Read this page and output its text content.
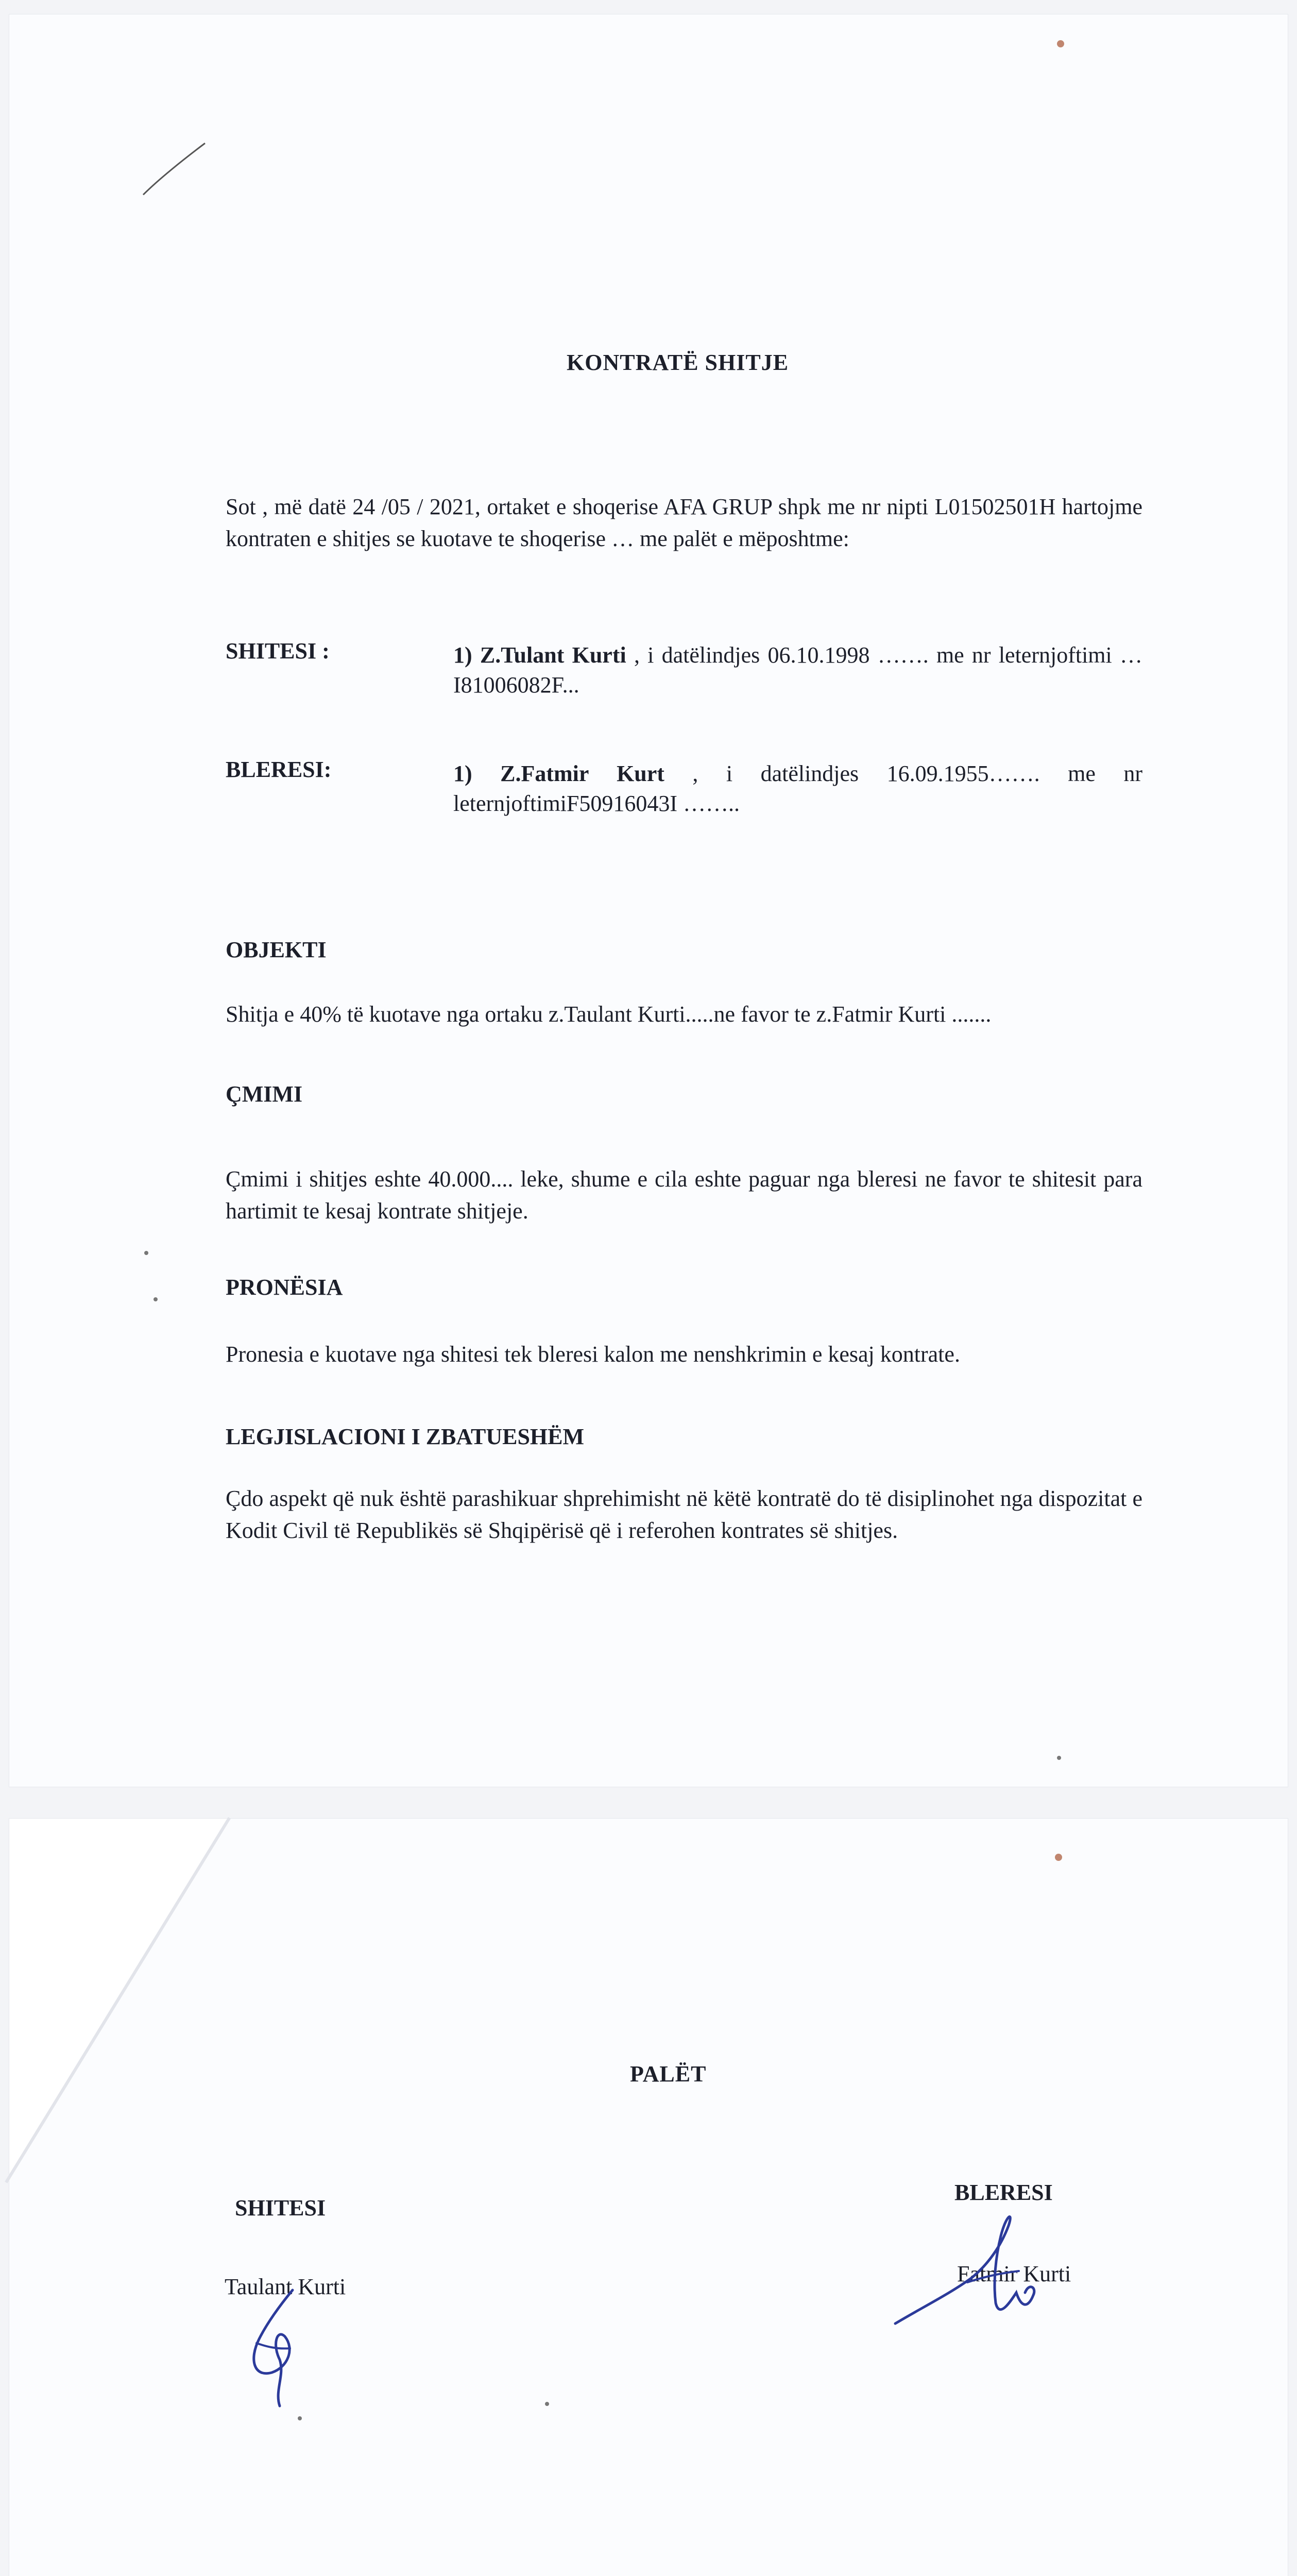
KONTRATË SHITJE
Sot , më datë 24 /05 / 2021, ortaket e shoqerise AFA GRUP shpk me nr nipti L01502501H hartojme kontraten e shitjes se kuotave te shoqerise … me palët e mëposhtme:
SHITESI :	1) Z.Tulant Kurti , i datëlindjes 06.10.1998 ……. me nr leternjoftimi …I81006082F...
BLERESI:	1) Z.Fatmir Kurt , i datëlindjes 16.09.1955……. me nr leternjoftimiF50916043I ……..
OBJEKTI
Shitja e 40% të kuotave nga ortaku z.Taulant Kurti.....ne favor te z.Fatmir Kurti .......
ÇMIMI
Çmimi i shitjes eshte 40.000.... leke, shume e cila eshte paguar nga bleresi ne favor te shitesit para hartimit te kesaj kontrate shitjeje.
PRONËSIA
Pronesia e kuotave nga shitesi tek bleresi kalon me nenshkrimin e kesaj kontrate.
LEGJISLACIONI I ZBATUESHËM
Çdo aspekt që nuk është parashikuar shprehimisht në këtë kontratë do të disiplinohet nga dispozitat e Kodit Civil të Republikës së Shqipërisë që i referohen kontrates së shitjes.
PALËT
SHITESI
Taulant Kurti
BLERESI
Fatmir Kurti
